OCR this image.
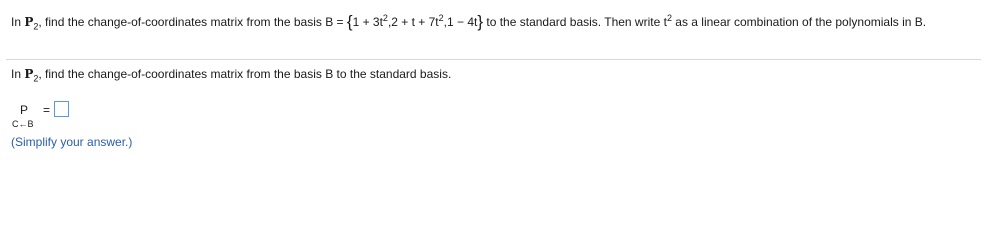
In $P_2$, find the change-of-coordinates matrix from the basis $B = \{1 + 3t^2,2 + t + 7t^2,1 - 4t\}$ to the standard basis. Then write $t^2$ as a linear combination of the polynomials in B.
In $P_2$, find the change-of-coordinates matrix from the basis B to the standard basis.
P =
C←B
(Simplify your answer.)
